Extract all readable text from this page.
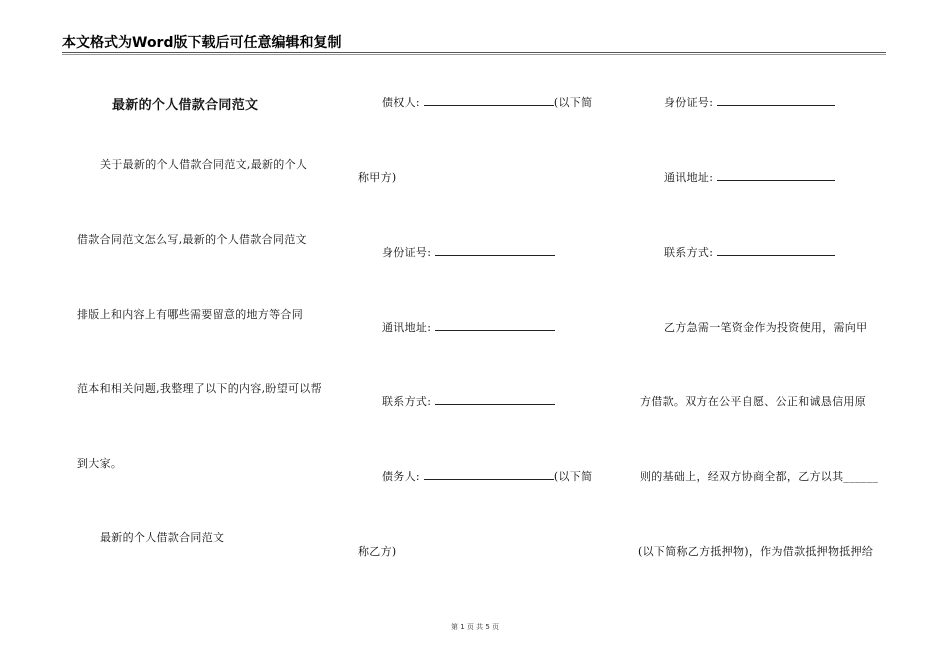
本文格式为Word版下载后可任意编辑和复制
最新的个人借款合同范文
关于最新的个人借款合同范文,最新的个人
借款合同范文怎么写,最新的个人借款合同范文
排版上和内容上有哪些需要留意的地方等合同
范本和相关问题,我整理了以下的内容,盼望可以帮
到大家。
最新的个人借款合同范文
债权人:	(以下简
称甲方)
身份证号:
通讯地址:
联系方式:
债务人:	(以下简
称乙方)
身份证号:
通讯地址:
联系方式:
乙方急需一笔资金作为投资使用，需向甲
方借款。双方在公平自愿、公正和诚恳信用原
则的基础上，经双方协商全都，乙方以其______
(以下简称乙方抵押物)，作为借款抵押物抵押给
第 1 页 共 5 页
